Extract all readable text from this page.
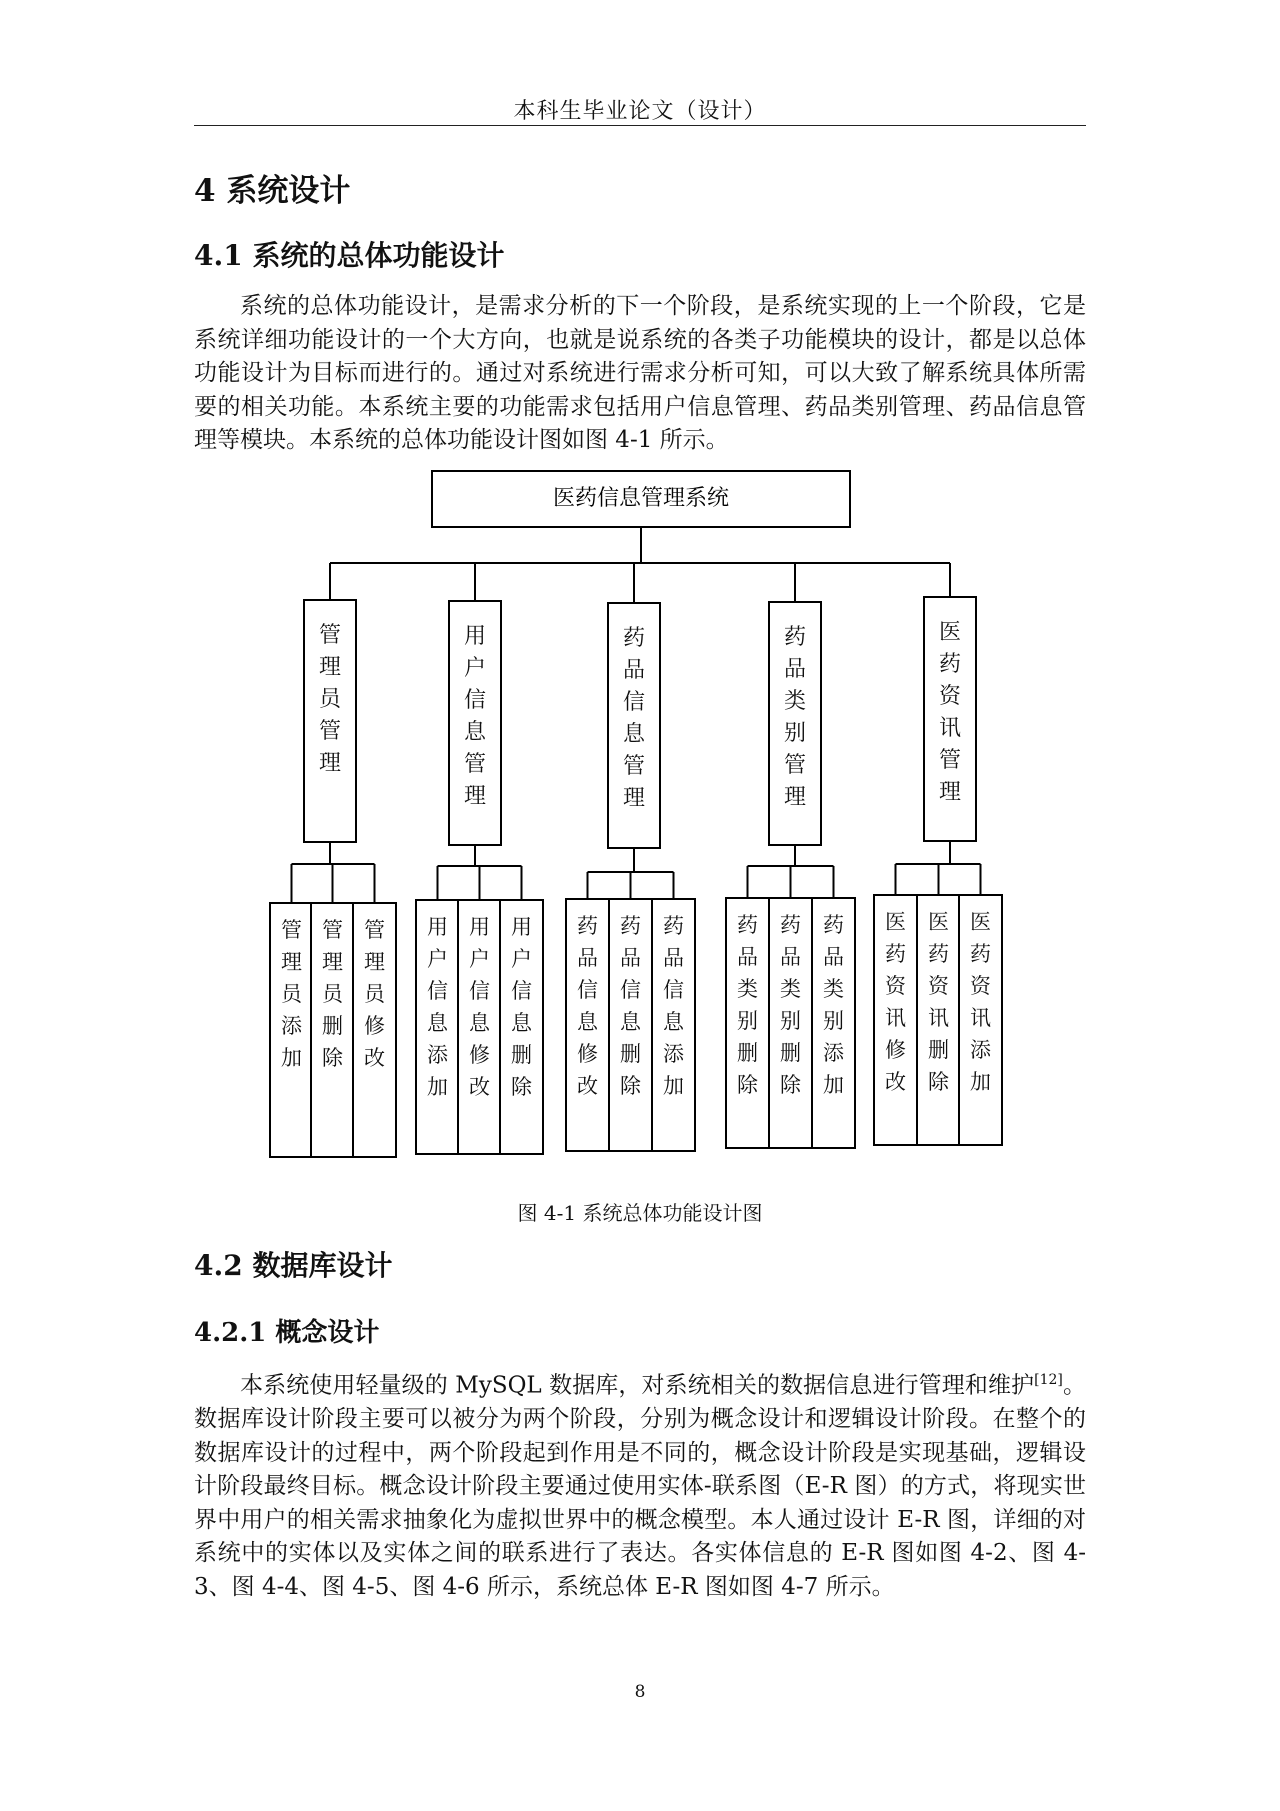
本科生毕业论文（设计）
4 系统设计
4.1 系统的总体功能设计

系统的总体功能设计，是需求分析的下一个阶段，是系统实现的上一个阶段，它是系统详细功能设计的一个大方向，也就是说系统的各类子功能模块的设计，都是以总体功能设计为目标而进行的。通过对系统进行需求分析可知，可以大致了解系统具体所需要的相关功能。本系统主要的功能需求包括用户信息管理、药品类别管理、药品信息管理等模块。本系统的总体功能设计图如图 4-1 所示。

医药信息管理系统
管理员管理
管理员添加
管理员删除
管理员修改
用户信息管理
用户信息添加
用户信息修改
用户信息删除
药品信息管理
药品信息修改
药品信息删除
药品信息添加
药品类别管理
药品类别删除
药品类别删除
药品类别添加
医药资讯管理
医药资讯修改
医药资讯删除
医药资讯添加
图 4-1 系统总体功能设计图
4.2 数据库设计
4.2.1 概念设计

本系统使用轻量级的 MySQL 数据库，对系统相关的数据信息进行管理和维护[12]。数据库设计阶段主要可以被分为两个阶段，分别为概念设计和逻辑设计阶段。在整个的数据库设计的过程中，两个阶段起到作用是不同的，概念设计阶段是实现基础，逻辑设计阶段最终目标。概念设计阶段主要通过使用实体-联系图（E-R 图）的方式，将现实世界中用户的相关需求抽象化为虚拟世界中的概念模型。本人通过设计 E-R 图，详细的对系统中的实体以及实体之间的联系进行了表达。各实体信息的 E-R 图如图 4-2、图 4-3、图 4-4、图 4-5、图 4-6 所示，系统总体 E-R 图如图 4-7 所示。

8
